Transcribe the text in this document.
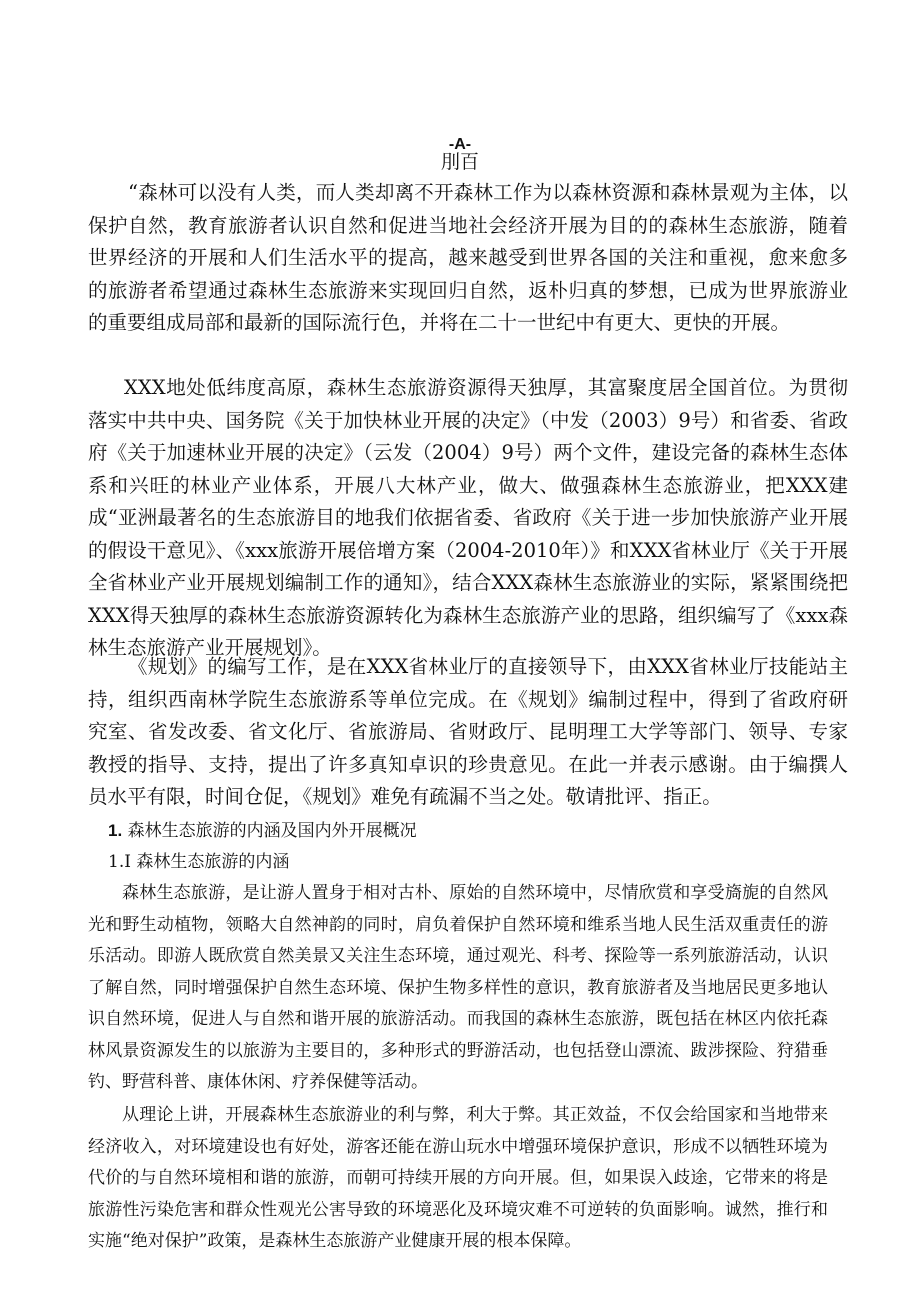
-A-
刖百

“森林可以没有人类，而人类却离不开森林工作为以森林资源和森林景观为主体，以保护自然，教育旅游者认识自然和促进当地社会经济开展为目的的森林生态旅游，随着世界经济的开展和人们生活水平的提高，越来越受到世界各国的关注和重视，愈来愈多的旅游者希望通过森林生态旅游来实现回归自然，返朴归真的梦想，已成为世界旅游业的重要组成局部和最新的国际流行色，并将在二十一世纪中有更大、更快的开展。

XXX地处低纬度高原，森林生态旅游资源得天独厚，其富聚度居全国首位。为贯彻落实中共中央、国务院《关于加快林业开展的决定》（中发（2003）9号）和省委、省政府《关于加速林业开展的决定》（云发（2004）9号）两个文件，建设完备的森林生态体系和兴旺的林业产业体系，开展八大林产业，做大、做强森林生态旅游业，把XXX建成“亚洲最著名的生态旅游目的地我们依据省委、省政府《关于进一步加快旅游产业开展的假设干意见》、《xxx旅游开展倍增方案（2004-2010年）》和XXX省林业厅《关于开展全省林业产业开展规划编制工作的通知》，结合XXX森林生态旅游业的实际，紧紧围绕把XXX得天独厚的森林生态旅游资源转化为森林生态旅游产业的思路，组织编写了《xxx森林生态旅游产业开展规划》。

《规划》的编写工作，是在XXX省林业厅的直接领导下，由XXX省林业厅技能站主持，组织西南林学院生态旅游系等单位完成。在《规划》编制过程中，得到了省政府研究室、省发改委、省文化厅、省旅游局、省财政厅、昆明理工大学等部门、领导、专家教授的指导、支持，提出了许多真知卓识的珍贵意见。在此一并表示感谢。由于编撰人员水平有限，时间仓促，《规划》难免有疏漏不当之处。敬请批评、指正。

1. 森林生态旅游的内涵及国内外开展概况
1.I 森林生态旅游的内涵

森林生态旅游，是让游人置身于相对古朴、原始的自然环境中，尽情欣赏和享受旖旎的自然风光和野生动植物，领略大自然神韵的同时，肩负着保护自然环境和维系当地人民生活双重责任的游乐活动。即游人既欣赏自然美景又关注生态环境，通过观光、科考、探险等一系列旅游活动，认识了解自然，同时增强保护自然生态环境、保护生物多样性的意识，教育旅游者及当地居民更多地认识自然环境，促进人与自然和谐开展的旅游活动。而我国的森林生态旅游，既包括在林区内依托森林风景资源发生的以旅游为主要目的，多种形式的野游活动，也包括登山漂流、跋涉探险、狩猎垂钓、野营科普、康体休闲、疗养保健等活动。

从理论上讲，开展森林生态旅游业的利与弊，利大于弊。其正效益，不仅会给国家和当地带来经济收入，对环境建设也有好处，游客还能在游山玩水中增强环境保护意识，形成不以牺牲环境为代价的与自然环境相和谐的旅游，而朝可持续开展的方向开展。但，如果误入歧途，它带来的将是旅游性污染危害和群众性观光公害导致的环境恶化及环境灾难不可逆转的负面影响。诚然，推行和实施“绝对保护”政策，是森林生态旅游产业健康开展的根本保障。
